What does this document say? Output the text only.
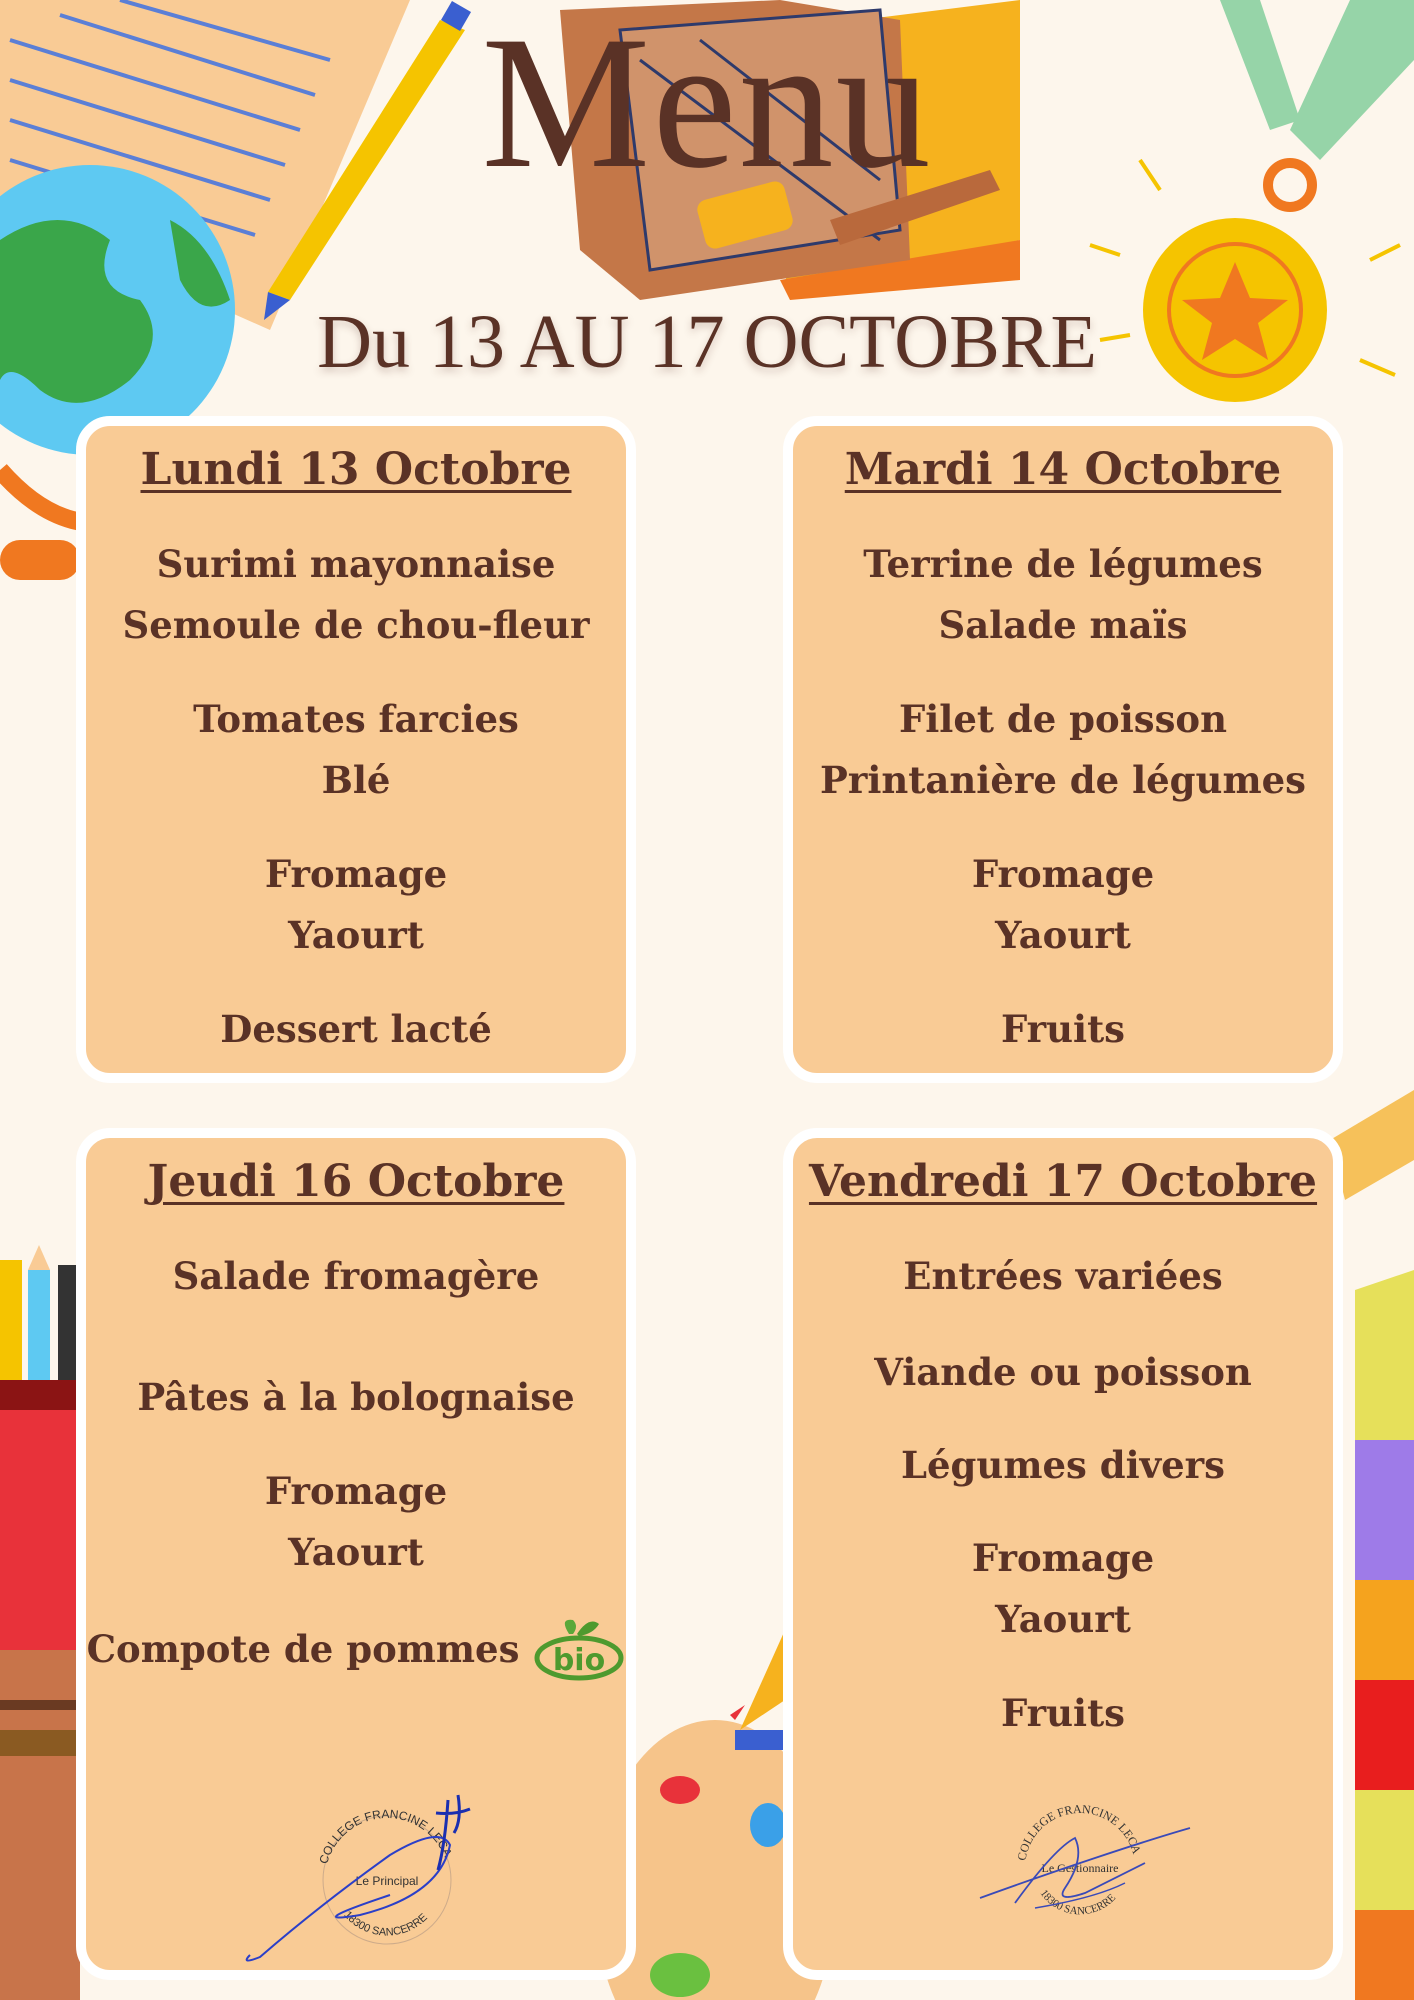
Menu
Du 13 AU 17 OCTOBRE
Lundi 13 Octobre
Surimi mayonnaise
Semoule de chou-fleur
Tomates farcies
Blé
Fromage
Yaourt
Dessert lacté
Mardi 14 Octobre
Terrine de légumes
Salade maïs
Filet de poisson
Printanière de légumes
Fromage
Yaourt
Fruits
Jeudi 16 Octobre
Salade fromagère
Pâtes à la bolognaise
Fromage
Yaourt
Compote de pommes bio
Vendredi 17 Octobre
Entrées variées
Viande ou poisson
Légumes divers
Fromage
Yaourt
Fruits
COLLEGE FRANCINE LECA
Le Principal
18300 SANCERRE
COLLEGE FRANCINE LECA
Le Gestionnaire
18300 SANCERRE
